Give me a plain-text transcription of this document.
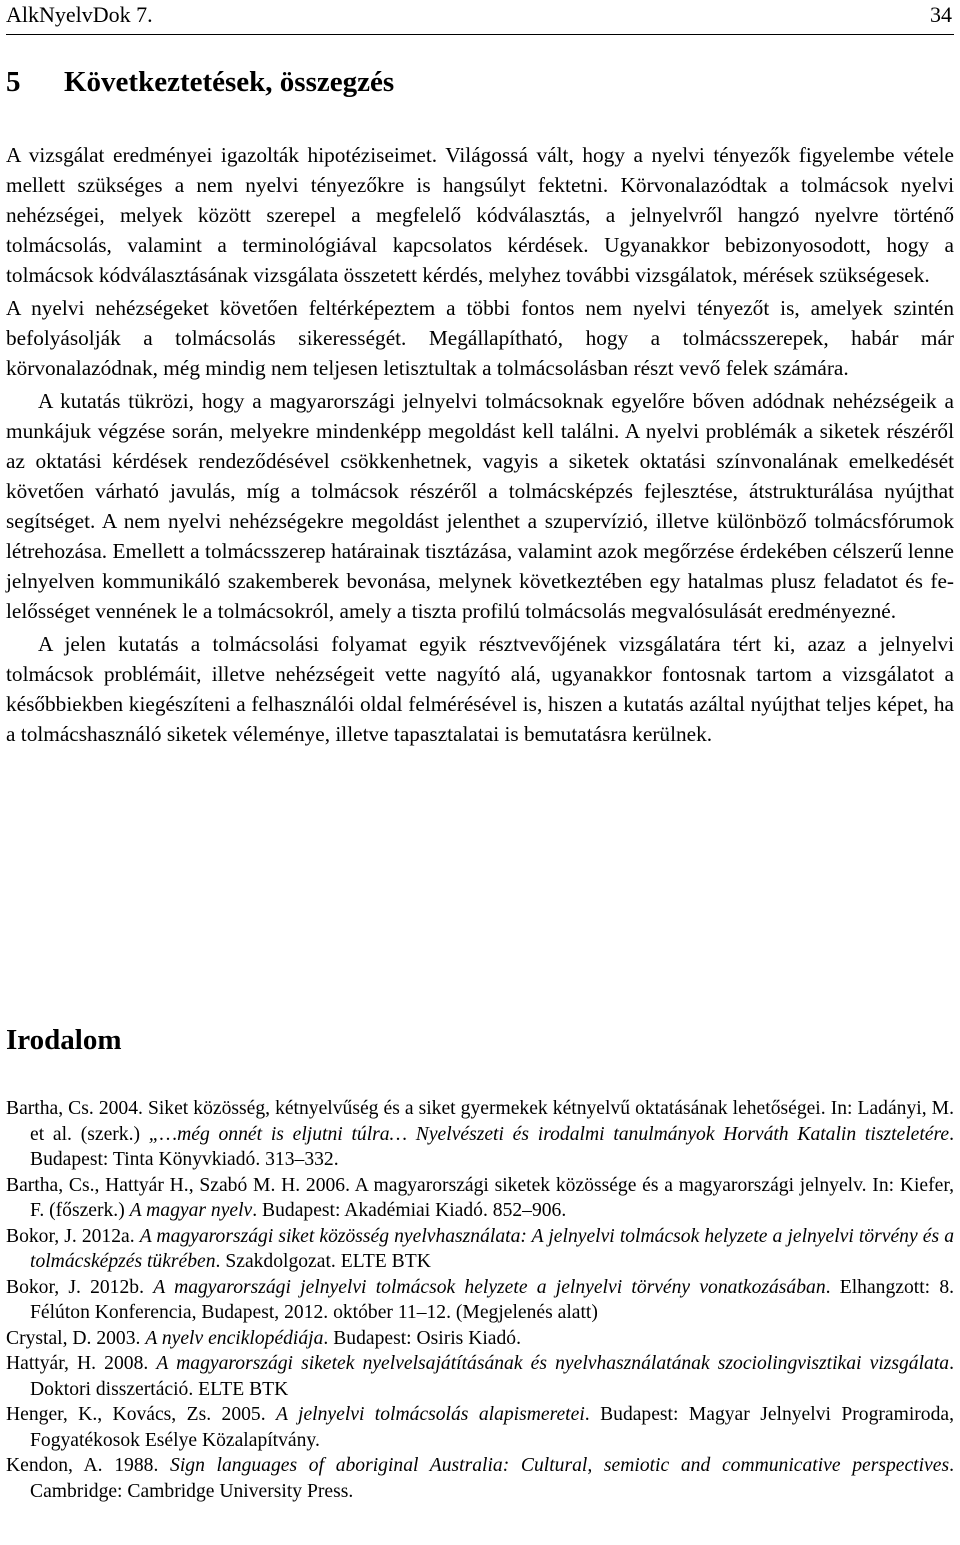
AlkNyelvDok 7.	34
5 Következtetések, összegzés

A vizsgálat eredményei igazolták hipotéziseimet. Világossá vált, hogy a nyelvi tényezők figyelembe vétele mellett szükséges a nem nyelvi tényezőkre is hangsúlyt fektetni. Körvonalazódtak a tolmácsok nyelvi nehézségei, melyek között szerepel a megfelelő kódválasztás, a jelnyelvről hangzó nyelvre történő tolmácsolás, valamint a terminológiával kapcsolatos kérdések. Ugyanakkor bebizonyosodott, hogy a tolmácsok kódválasztásának vizsgálata összetett kérdés, melyhez további vizsgálatok, mérések szükségesek.

A nyelvi nehézségeket követően feltérképeztem a többi fontos nem nyelvi tényezőt is, amelyek szintén befolyásolják a tolmácsolás sikerességét. Megállapítható, hogy a tolmácsszerepek, habár már körvonalazódnak, még mindig nem teljesen letisztultak a tolmácsolásban részt vevő felek számára.

A kutatás tükrözi, hogy a magyarországi jelnyelvi tolmácsoknak egyelőre bőven adódnak nehézségeik a munkájuk végzése során, melyekre mindenképp megoldást kell találni. A nyelvi problémák a siketek részéről az oktatási kérdések rendeződésével csökkenhetnek, vagyis a siketek oktatási színvonalának emelkedését követően várható javulás, míg a tolmácsok részéről a tolmácsképzés fejlesztése, átstrukturálása nyújthat segítséget. A nem nyelvi nehézségekre megoldást jelenthet a szupervízió, illetve különböző tolmácsfórumok létrehozása. Emellett a tolmácsszerep határainak tisztázása, valamint azok megőrzése érdekében célszerű lenne jelnyelven kommunikáló szakemberek bevonása, melynek következtében egy hatalmas plusz feladatot és felelősséget vennének le a tolmácsokról, amely a tiszta profilú tolmácsolás megvalósulását eredményezné.

A jelen kutatás a tolmácsolási folyamat egyik résztvevőjének vizsgálatára tért ki, azaz a jelnyelvi tolmácsok problémáit, illetve nehézségeit vette nagyító alá, ugyanakkor fontosnak tartom a vizsgálatot a későbbiekben kiegészíteni a felhasználói oldal felmérésével is, hiszen a kutatás azáltal nyújthat teljes képet, ha a tolmácshasználó siketek véleménye, illetve tapasztalatai is bemutatásra kerülnek.

Irodalom

Bartha, Cs. 2004. Siket közösség, kétnyelvűség és a siket gyermekek kétnyelvű oktatásának lehetőségei. In: Ladányi, M. et al. (szerk.) „…még onnét is eljutni túlra… Nyelvészeti és irodalmi tanulmányok Horváth Katalin tiszteletére. Budapest: Tinta Könyvkiadó. 313–332.

Bartha, Cs., Hattyár H., Szabó M. H. 2006. A magyarországi siketek közössége és a magyarországi jelnyelv. In: Kiefer, F. (főszerk.) A magyar nyelv. Budapest: Akadémiai Kiadó. 852–906.

Bokor, J. 2012a. A magyarországi siket közösség nyelvhasználata: A jelnyelvi tolmácsok helyzete a jelnyelvi törvény és a tolmácsképzés tükrében. Szakdolgozat. ELTE BTK

Bokor, J. 2012b. A magyarországi jelnyelvi tolmácsok helyzete a jelnyelvi törvény vonatkozásában. Elhangzott: 8. Félúton Konferencia, Budapest, 2012. október 11–12. (Megjelenés alatt)

Crystal, D. 2003. A nyelv enciklopédiája. Budapest: Osiris Kiadó.

Hattyár, H. 2008. A magyarországi siketek nyelvelsajátításának és nyelvhasználatának szociolingvisztikai vizsgálata. Doktori disszertáció. ELTE BTK

Henger, K., Kovács, Zs. 2005. A jelnyelvi tolmácsolás alapismeretei. Budapest: Magyar Jelnyelvi Programiroda, Fogyatékosok Esélye Közalapítvány.

Kendon, A. 1988. Sign languages of aboriginal Australia: Cultural, semiotic and communicative perspectives. Cambridge: Cambridge University Press.
